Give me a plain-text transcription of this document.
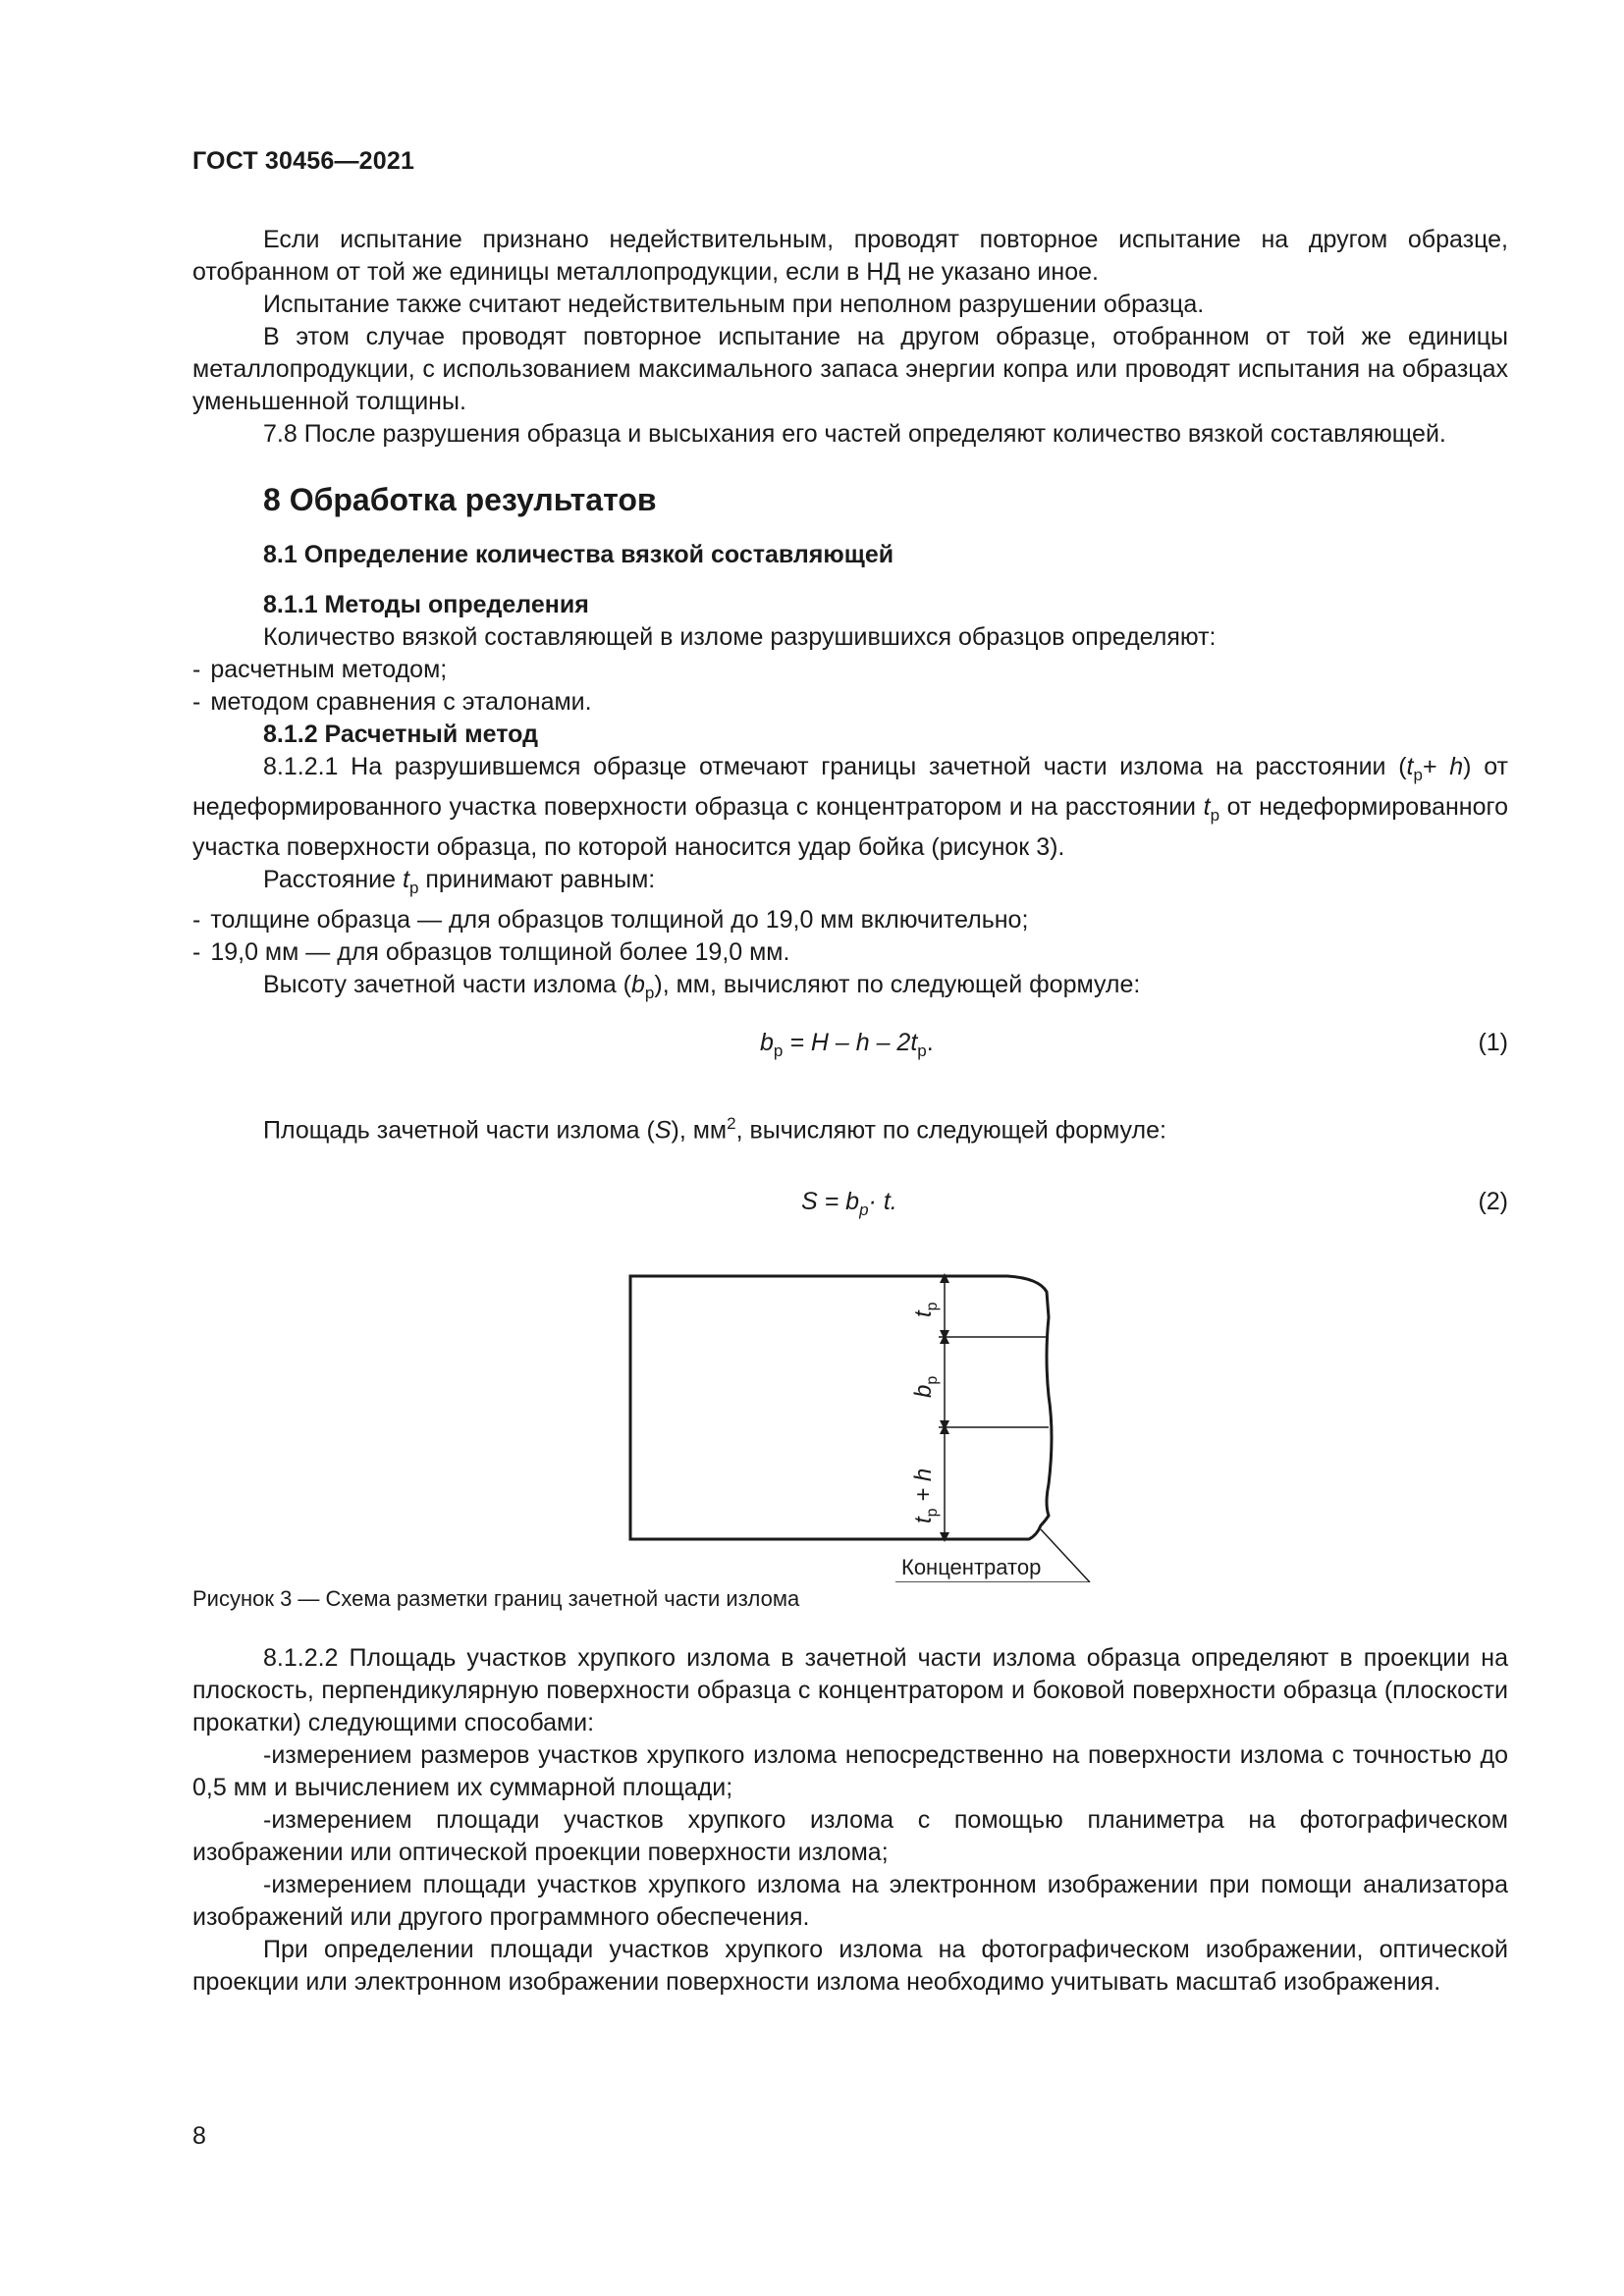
ГОСТ 30456—2021

Если испытание признано недействительным, проводят повторное испытание на другом образце, отобранном от той же единицы металлопродукции, если в НД не указано иное.

Испытание также считают недействительным при неполном разрушении образца.

В этом случае проводят повторное испытание на другом образце, отобранном от той же единицы металлопродукции, с использованием максимального запаса энергии копра или проводят испытания на образцах уменьшенной толщины.

7.8 После разрушения образца и высыхания его частей определяют количество вязкой составляющей.

8 Обработка результатов
8.1 Определение количества вязкой составляющей
8.1.1 Методы определения

Количество вязкой составляющей в изломе разрушившихся образцов определяют:

- расчетным методом;

- методом сравнения с эталонами.

8.1.2 Расчетный метод

8.1.2.1 На разрушившемся образце отмечают границы зачетной части излома на расстоянии $(t_p+ h)$ от недеформированного участка поверхности образца с концентратором и на расстоянии $t_p$ от недеформированного участка поверхности образца, по которой наносится удар бойка (рисунок 3).

Расстояние $t_p$ принимают равным:

- толщине образца — для образцов толщиной до 19,0 мм включительно;

- 19,0 мм — для образцов толщиной более 19,0 мм.

Высоту зачетной части излома $(b_p)$, мм, вычисляют по следующей формуле:

$b_p = H - h - 2t_p$.	(1)

Площадь зачетной части излома (S), $мм^2$, вычисляют по следующей формуле:

$S = b_p\cdot t$.	(2)
$t_p$
$b_p$
$t_p + h$
Концентратор

Рисунок 3 — Схема разметки границ зачетной части излома

8.1.2.2 Площадь участков хрупкого излома в зачетной части излома образца определяют в проекции на плоскость, перпендикулярную поверхности образца с концентратором и боковой поверхности образца (плоскости прокатки) следующими способами:

-измерением размеров участков хрупкого излома непосредственно на поверхности излома с точностью до 0,5 мм и вычислением их суммарной площади;

-измерением площади участков хрупкого излома с помощью планиметра на фотографическом изображении или оптической проекции поверхности излома;

-измерением площади участков хрупкого излома на электронном изображении при помощи анализатора изображений или другого программного обеспечения.

При определении площади участков хрупкого излома на фотографическом изображении, оптической проекции или электронном изображении поверхности излома необходимо учитывать масштаб изображения.

8
